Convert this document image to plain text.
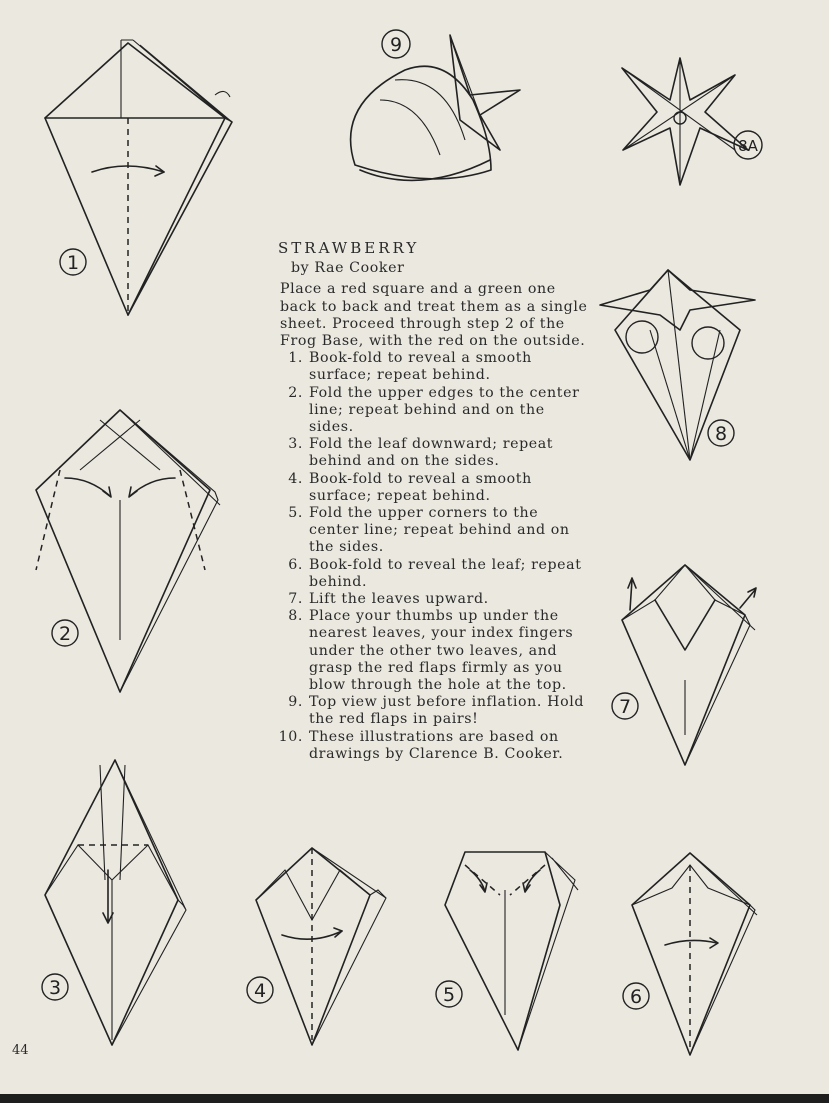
1
9
8A
2
8
7
3	4	5	6
STRAWBERRY
by Rae Cooker
Place a red square and a green one back to back and treat them as a single sheet. Proceed through step 2 of the Frog Base, with the red on the outside.
1. Book-fold to reveal a smooth surface; repeat behind.
2. Fold the upper edges to the center line; repeat behind and on the sides.
3. Fold the leaf downward; repeat behind and on the sides.
4. Book-fold to reveal a smooth surface; repeat behind.
5. Fold the upper corners to the center line; repeat behind and on the sides.
6. Book-fold to reveal the leaf; repeat behind.
7. Lift the leaves upward.
8. Place your thumbs up under the nearest leaves, your index fingers under the other two leaves, and grasp the red flaps firmly as you blow through the hole at the top.
9. Top view just before inflation. Hold the red flaps in pairs!
10. These illustrations are based on drawings by Clarence B. Cooker.
44
